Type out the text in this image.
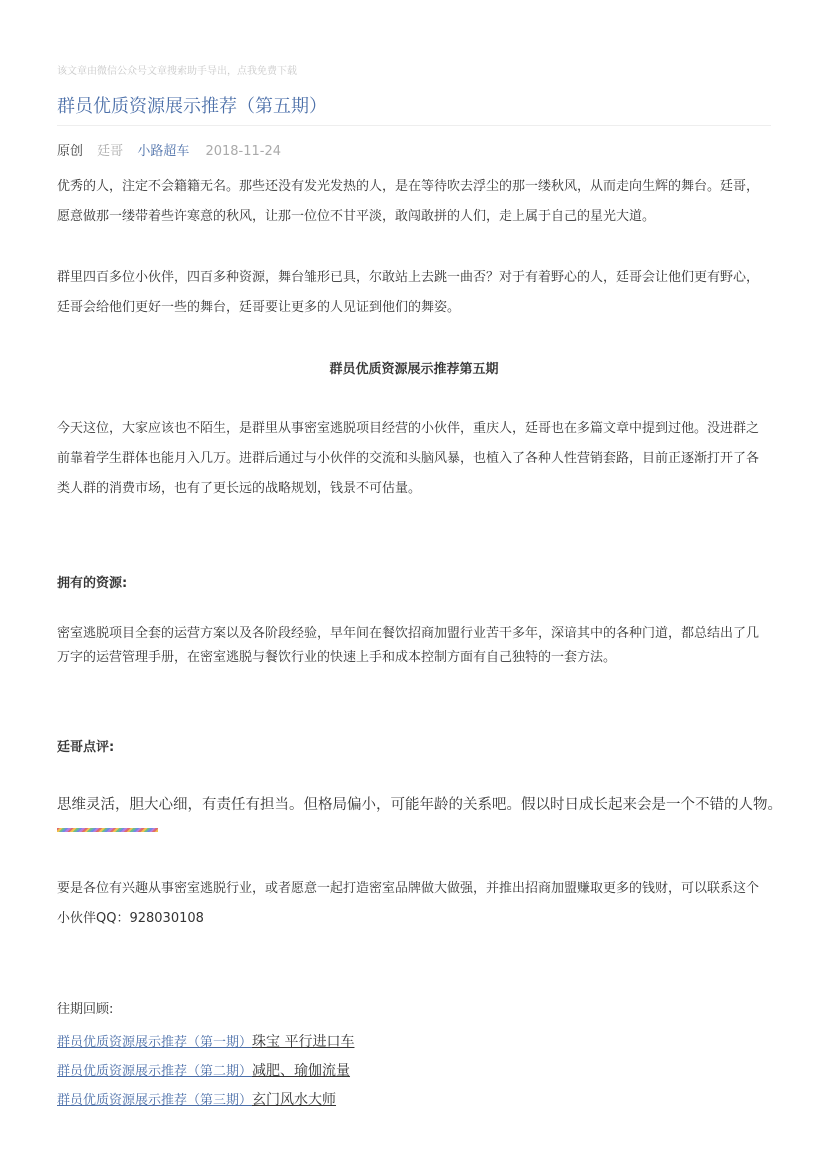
该文章由微信公众号文章搜索助手导出，点我免费下载
群员优质资源展示推荐（第五期）
原创 廷哥 小路超车 2018-11-24

优秀的人，注定不会籍籍无名。那些还没有发光发热的人，是在等待吹去浮尘的那一缕秋风，从而走向生辉的舞台。廷哥，愿意做那一缕带着些许寒意的秋风，让那一位位不甘平淡，敢闯敢拼的人们，走上属于自己的星光大道。

群里四百多位小伙伴，四百多种资源，舞台雏形已具，尔敢站上去跳一曲否？对于有着野心的人，廷哥会让他们更有野心，廷哥会给他们更好一些的舞台，廷哥要让更多的人见证到他们的舞姿。

群员优质资源展示推荐第五期

今天这位，大家应该也不陌生，是群里从事密室逃脱项目经营的小伙伴，重庆人，廷哥也在多篇文章中提到过他。没进群之前靠着学生群体也能月入几万。进群后通过与小伙伴的交流和头脑风暴，也植入了各种人性营销套路，目前正逐渐打开了各类人群的消费市场，也有了更长远的战略规划，钱景不可估量。

拥有的资源:

密室逃脱项目全套的运营方案以及各阶段经验，早年间在餐饮招商加盟行业苦干多年，深谙其中的各种门道，都总结出了几万字的运营管理手册，在密室逃脱与餐饮行业的快速上手和成本控制方面有自己独特的一套方法。

廷哥点评:

思维灵活，胆大心细，有责任有担当。但格局偏小，可能年龄的关系吧。假以时日成长起来会是一个不错的人物。

要是各位有兴趣从事密室逃脱行业，或者愿意一起打造密室品牌做大做强，并推出招商加盟赚取更多的钱财，可以联系这个小伙伴QQ：928030108

往期回顾:

群员优质资源展示推荐（第一期）珠宝 平行进口车
群员优质资源展示推荐（第二期）减肥、瑜伽流量
群员优质资源展示推荐（第三期）玄门风水大师
